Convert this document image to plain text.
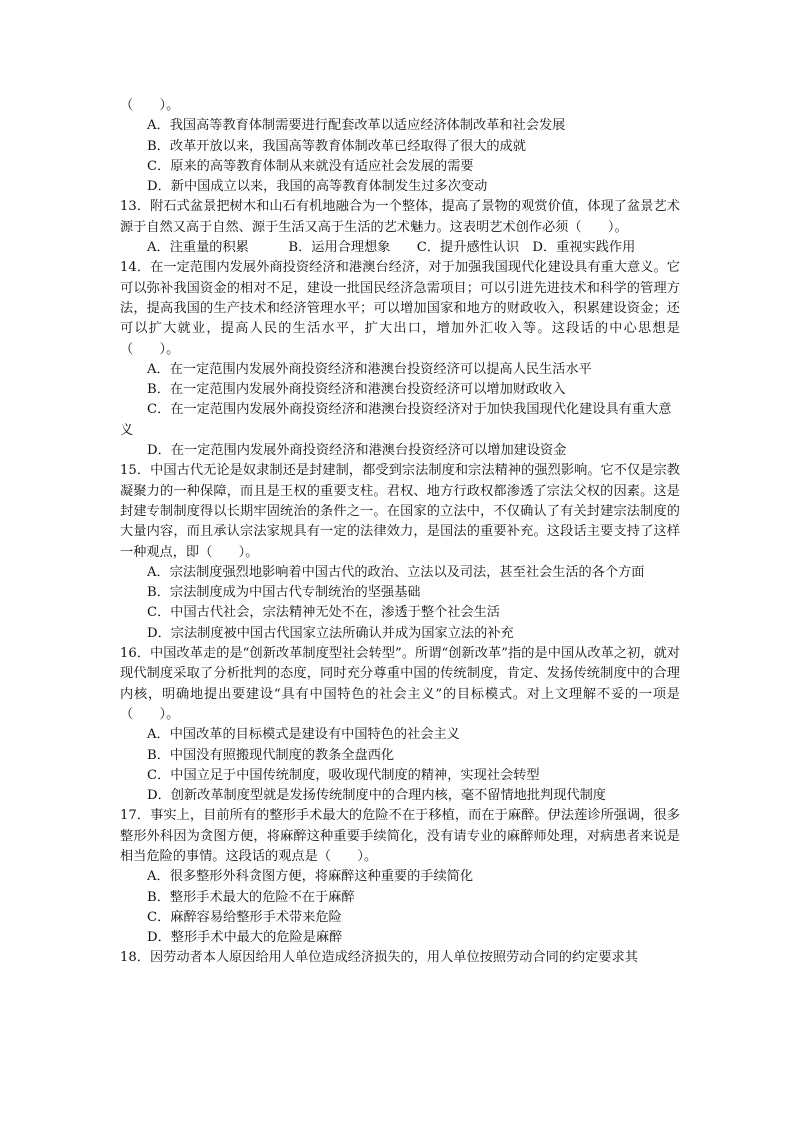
（　　）。

A．我国高等教育体制需要进行配套改革以适应经济体制改革和社会发展

B．改革开放以来，我国高等教育体制改革已经取得了很大的成就

C．原来的高等教育体制从来就没有适应社会发展的需要

D．新中国成立以来，我国的高等教育体制发生过多次变动

13．附石式盆景把树木和山石有机地融合为一个整体，提高了景物的观赏价值，体现了盆景艺术源于自然又高于自然、源于生活又高于生活的艺术魅力。这表明艺术创作必须（　　）。

A．注重量的积累　　　B．运用合理想象　　C．提升感性认识　D．重视实践作用

14．在一定范围内发展外商投资经济和港澳台经济，对于加强我国现代化建设具有重大意义。它可以弥补我国资金的相对不足，建设一批国民经济急需项目；可以引进先进技术和科学的管理方法，提高我国的生产技术和经济管理水平；可以增加国家和地方的财政收入，积累建设资金；还可以扩大就业，提高人民的生活水平，扩大出口，增加外汇收入等。这段话的中心思想是（　　）。

A．在一定范围内发展外商投资经济和港澳台投资经济可以提高人民生活水平

B．在一定范围内发展外商投资经济和港澳台投资经济可以增加财政收入

C．在一定范围内发展外商投资经济和港澳台投资经济对于加快我国现代化建设具有重大意义

D．在一定范围内发展外商投资经济和港澳台投资经济可以增加建设资金

15．中国古代无论是奴隶制还是封建制，都受到宗法制度和宗法精神的强烈影响。它不仅是宗教凝聚力的一种保障，而且是王权的重要支柱。君权、地方行政权都渗透了宗法父权的因素。这是封建专制制度得以长期牢固统治的条件之一。在国家的立法中，不仅确认了有关封建宗法制度的大量内容，而且承认宗法家规具有一定的法律效力，是国法的重要补充。这段话主要支持了这样一种观点，即（　　）。

A．宗法制度强烈地影响着中国古代的政治、立法以及司法，甚至社会生活的各个方面

B．宗法制度成为中国古代专制统治的坚强基础

C．中国古代社会，宗法精神无处不在，渗透于整个社会生活

D．宗法制度被中国古代国家立法所确认并成为国家立法的补充

16．中国改革走的是“创新改革制度型社会转型”。所谓“创新改革”指的是中国从改革之初，就对现代制度采取了分析批判的态度，同时充分尊重中国的传统制度，肯定、发扬传统制度中的合理内核，明确地提出要建设“具有中国特色的社会主义”的目标模式。对上文理解不妥的一项是（　　）。

A．中国改革的目标模式是建设有中国特色的社会主义

B．中国没有照搬现代制度的教条全盘西化

C．中国立足于中国传统制度，吸收现代制度的精神，实现社会转型

D．创新改革制度型就是发扬传统制度中的合理内核，毫不留情地批判现代制度

17．事实上，目前所有的整形手术最大的危险不在于移植，而在于麻醉。伊法莲诊所强调，很多整形外科因为贪图方便，将麻醉这种重要手续简化，没有请专业的麻醉师处理，对病患者来说是相当危险的事情。这段话的观点是（　　）。

A．很多整形外科贪图方便，将麻醉这种重要的手续简化

B．整形手术最大的危险不在于麻醉

C．麻醉容易给整形手术带来危险

D．整形手术中最大的危险是麻醉

18．因劳动者本人原因给用人单位造成经济损失的，用人单位按照劳动合同的约定要求其
